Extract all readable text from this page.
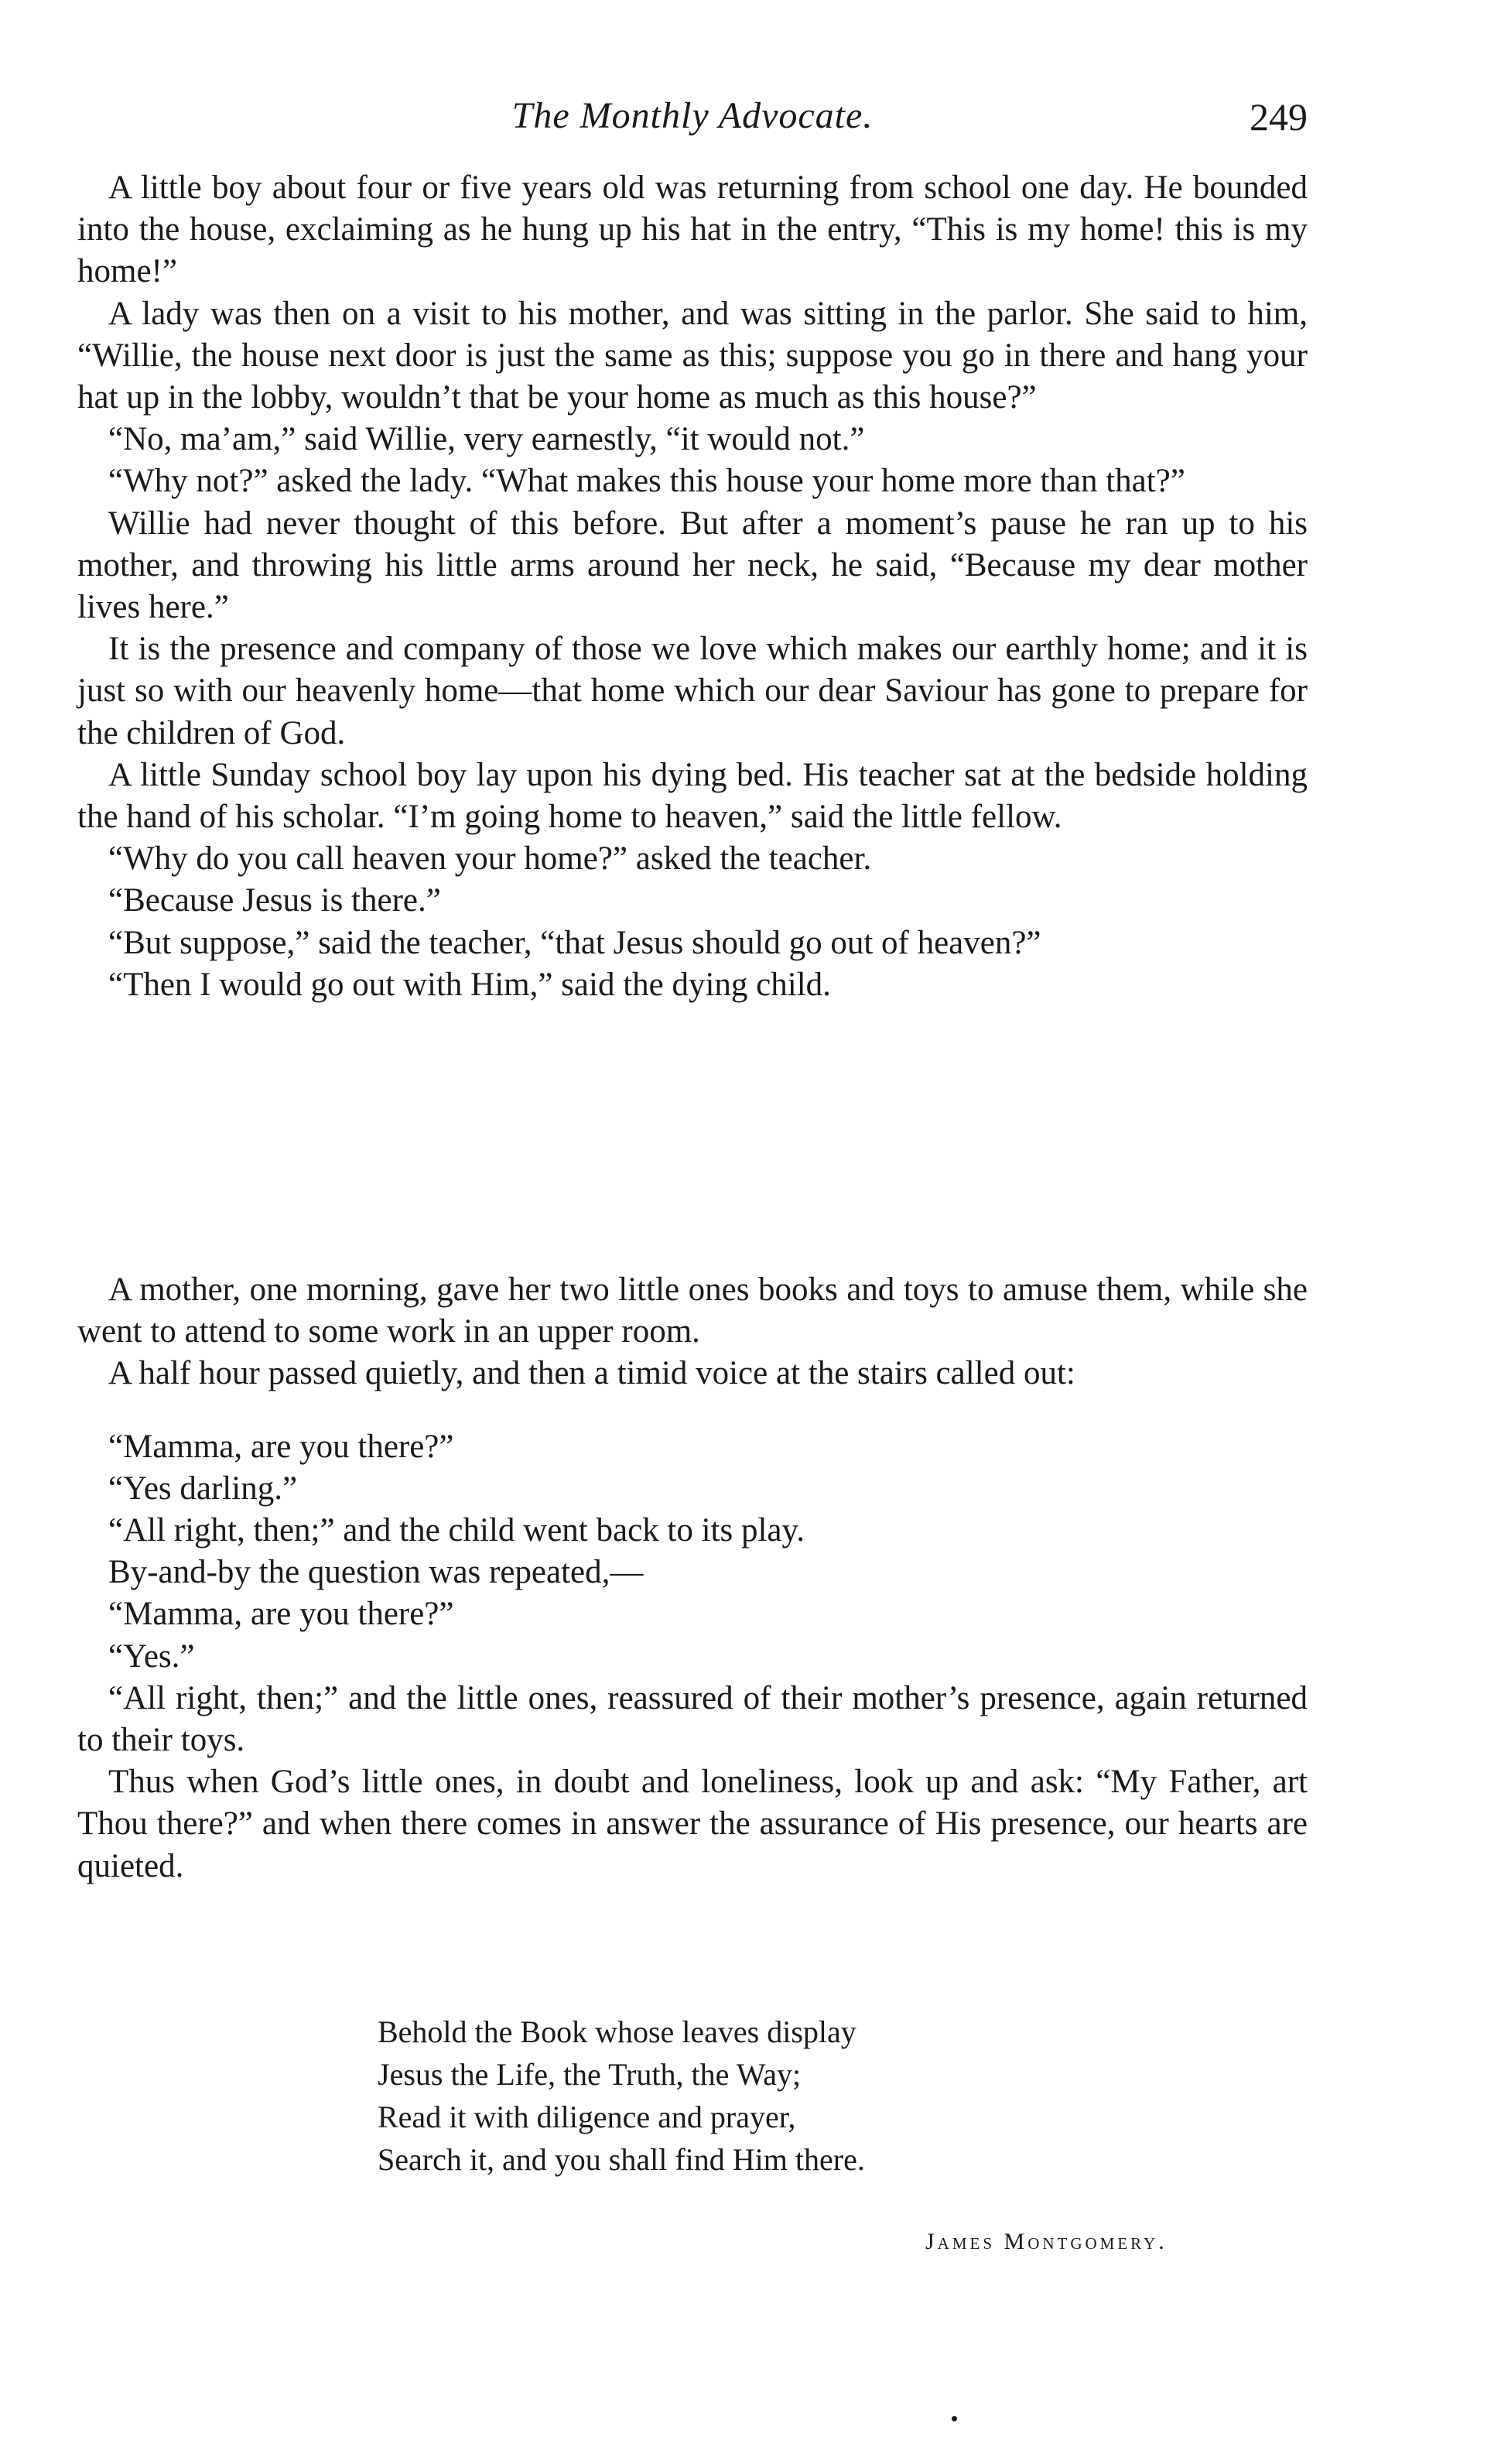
The Monthly Advocate.	249

A little boy about four or five years old was returning from school one day. He bounded into the house, exclaiming as he hung up his hat in the entry, “This is my home! this is my home!”

A lady was then on a visit to his mother, and was sitting in the parlor. She said to him, “Willie, the house next door is just the same as this; suppose you go in there and hang your hat up in the lobby, wouldn’t that be your home as much as this house?”

“No, ma’am,” said Willie, very earnestly, “it would not.”

“Why not?” asked the lady. “What makes this house your home more than that?”

Willie had never thought of this before. But after a moment’s pause he ran up to his mother, and throwing his little arms around her neck, he said, “Because my dear mother lives here.”

It is the presence and company of those we love which makes our earthly home; and it is just so with our heavenly home—that home which our dear Saviour has gone to prepare for the children of God.

A little Sunday school boy lay upon his dying bed. His teacher sat at the bedside holding the hand of his scholar. “I’m going home to heaven,” said the little fellow.

“Why do you call heaven your home?” asked the teacher.

“Because Jesus is there.”

“But suppose,” said the teacher, “that Jesus should go out of heaven?”

“Then I would go out with Him,” said the dying child.

A mother, one morning, gave her two little ones books and toys to amuse them, while she went to attend to some work in an upper room.

A half hour passed quietly, and then a timid voice at the stairs called out:

“Mamma, are you there?”

“Yes darling.”

“All right, then;” and the child went back to its play.

By-and-by the question was repeated,—

“Mamma, are you there?”

“Yes.”

“All right, then;” and the little ones, reassured of their mother’s presence, again returned to their toys.

Thus when God’s little ones, in doubt and loneliness, look up and ask: “My Father, art Thou there?” and when there comes in answer the assurance of His presence, our hearts are quieted.

Behold the Book whose leaves display
Jesus the Life, the Truth, the Way;
Read it with diligence and prayer,
Search it, and you shall find Him there.
James Montgomery.
